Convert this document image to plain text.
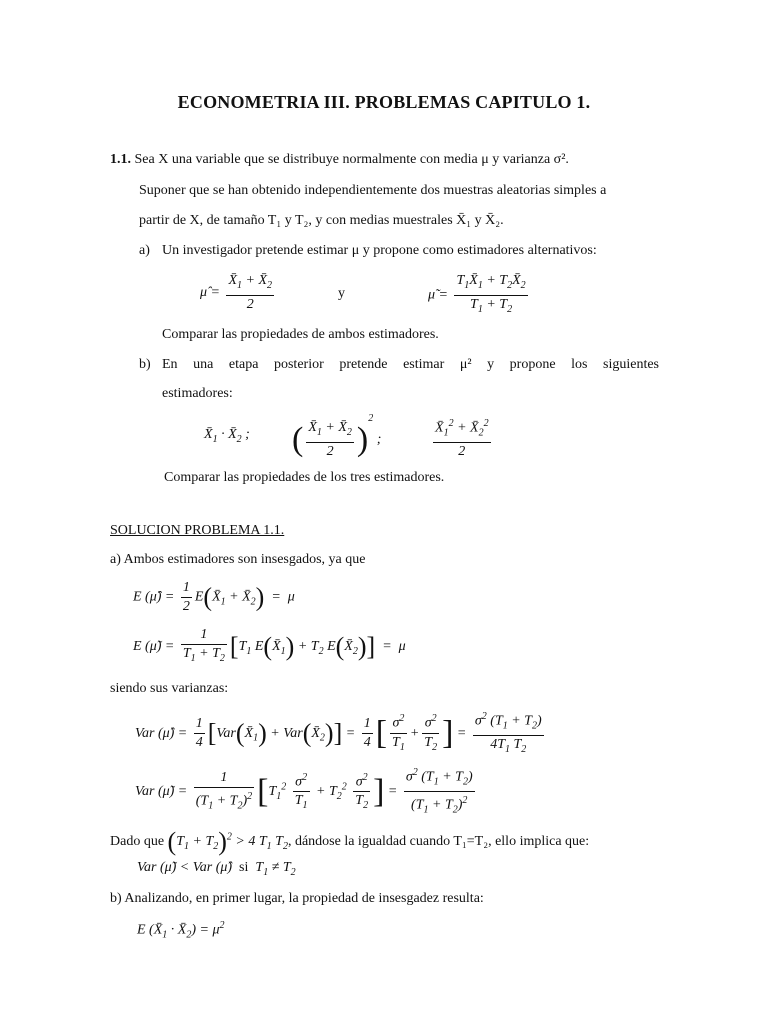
ECONOMETRIA III. PROBLEMAS CAPITULO 1.
1.1. Sea X una variable que se distribuye normalmente con media μ y varianza σ².
Suponer que se han obtenido independientemente dos muestras aleatorias simples a
partir de X, de tamaño T₁ y T₂, y con medias muestrales X̄₁ y X̄₂.
a) Un investigador pretende estimar μ y propone como estimadores alternativos:
μ̂ = $\frac{X̄_1 + X̄_2}{2}$	y	μ̃ = $\frac{T_1X̄_1 + T_2X̄_2}{T_1 + T_2}$
Comparar las propiedades de ambos estimadores.
b) En una etapa posterior pretende estimar μ² y propone los siguientes
estimadores:
$X̄_1$ · $X̄_2$ ; ( $\frac{X̄_1 + X̄_2}{2} )^2$ ;	$\frac{X̄_1^2 + X̄_2^2}{2}$
Comparar las propiedades de los tres estimadores.
SOLUCION PROBLEMA 1.1.
a) Ambos estimadores son insesgados, ya que
E (μ̂) = $\frac{1}{2}$ $E(X̄_1$ + $X̄_2) = \mu$
E (μ̃) = $\frac{1}{T_1 + T_2} [T_1$ $E(X̄_1) + T_2$ $E(X̄_2)] = \mu$
siendo sus varianzas:
Var (μ̂) = $\frac{1}{4}$ [$Var(X̄_1)$ + $Var(X̄_2)] = \frac{1}{4}$ [ $\frac{\sigma^2}{T_1} + \frac{\sigma^2}{T_2}$ ] = $\frac{\sigma^2 (T_1 + T_2)}{4T_1 T_2}$
Var (μ̃) = $\frac{1}{(T_1 + T_2)^2} [T_1^2 \frac{\sigma^2}{T_1} + T_2^2 \frac{\sigma^2}{T_2}$ ] = $\frac{\sigma^2 (T_1 + T_2)}{(T_1 + T_2)^2}$
Dado que $(T_1 + T_2)^2 > 4$ $T_1$ $T_2$, dándose la igualdad cuando T₁=T₂, ello implica que:
Var (μ̃) < Var (μ̂)  si  $T_1 \ne T_2$
b) Analizando, en primer lugar, la propiedad de insesgadez resulta:
E ($X̄_1$ · $X̄_2) = \mu^2$
